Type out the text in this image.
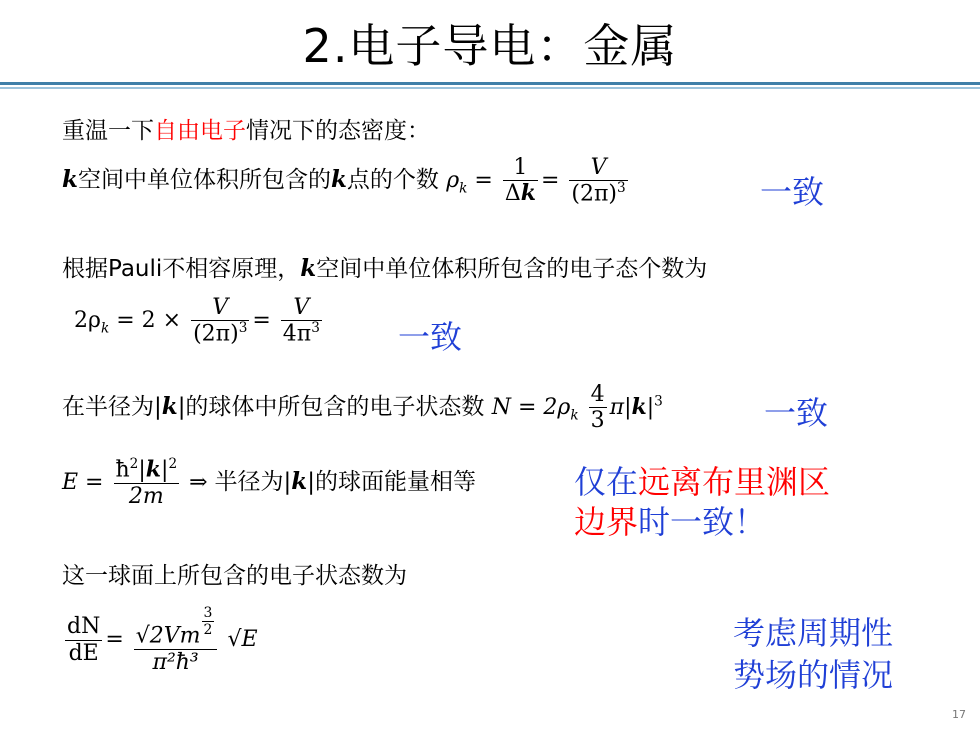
2.电子导电：金属
重温一下自由电子情况下的态密度：
k空间中单位体积所包含的k点的个数 $\rho_k = \frac{1}{\Delta k} = \frac{V}{(2\pi)^3}$	一致
根据Pauli不相容原理，k空间中单位体积所包含的电子态个数为
$2\rho_k = 2 \times \frac{V}{(2\pi)^3} = \frac{V}{4\pi^3}$ 一致
在半径为|k|的球体中所包含的电子状态数 $N = 2\rho_k \frac{4}{3} \pi|k|^3$	一致
$E = \frac{ħ^2|k|^2}{2m}$ ⇒ 半径为|k|的球面能量相等	仅在远离布里渊区
边界时一致！
这一球面上所包含的电子状态数为
$\frac{dN}{dE} = \frac{√2Vm \frac{3}{2}}{\text{π²ħ³}} √E$	考虑周期性
势场的情况
17
